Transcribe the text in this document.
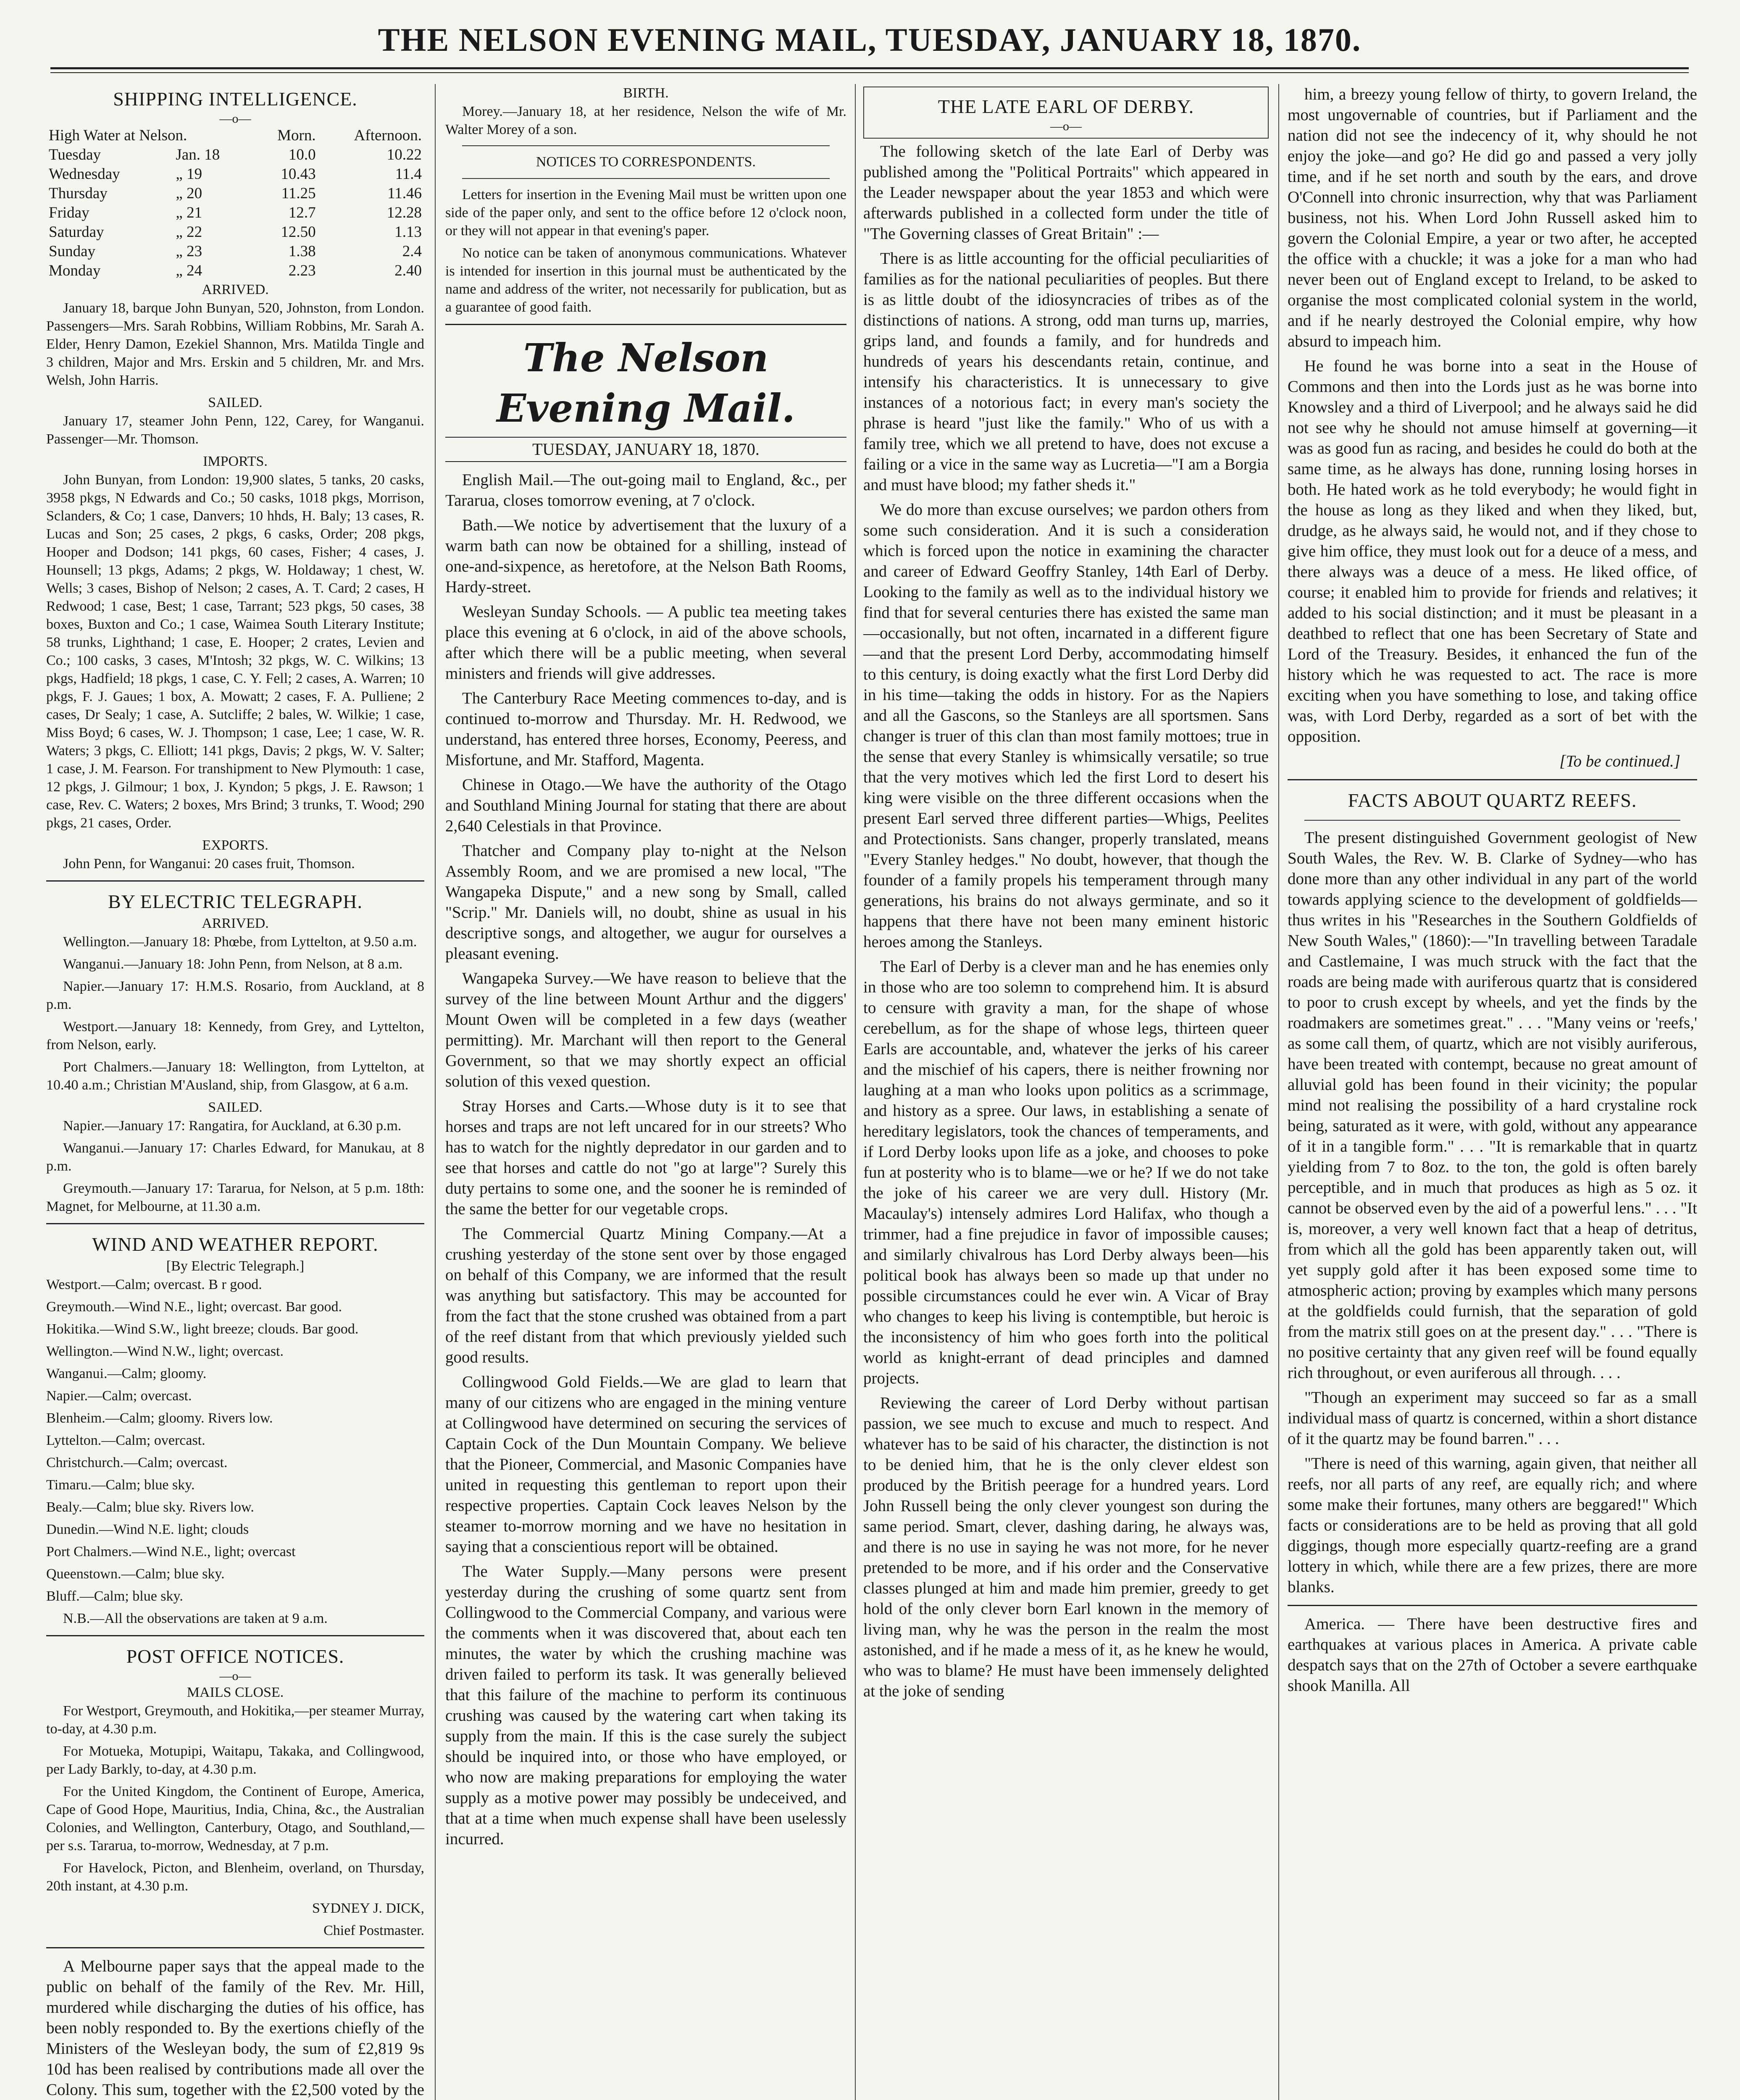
THE NELSON EVENING MAIL, TUESDAY, JANUARY 18, 1870.
SHIPPING INTELLIGENCE.
—o—
High Water at Nelson.		Morn.	Afternoon.
Tuesday	Jan. 18	10.0	10.22
Wednesday	„ 19	10.43	11.4
Thursday	„ 20	11.25	11.46
Friday	„ 21	12.7	12.28
Saturday	„ 22	12.50	1.13
Sunday	„ 23	1.38	2.4
Monday	„ 24	2.23	2.40
ARRIVED.

January 18, barque John Bunyan, 520, Johnston, from London. Passengers—Mrs. Sarah Robbins, William Robbins, Mr. Sarah A. Elder, Henry Damon, Ezekiel Shannon, Mrs. Matilda Tingle and 3 children, Major and Mrs. Erskin and 5 children, Mr. and Mrs. Welsh, John Harris.

SAILED.

January 17, steamer John Penn, 122, Carey, for Wanganui. Passenger—Mr. Thomson.

IMPORTS.

John Bunyan, from London: 19,900 slates, 5 tanks, 20 casks, 3958 pkgs, N Edwards and Co.; 50 casks, 1018 pkgs, Morrison, Sclanders, & Co; 1 case, Danvers; 10 hhds, H. Baly; 13 cases, R. Lucas and Son; 25 cases, 2 pkgs, 6 casks, Order; 208 pkgs, Hooper and Dodson; 141 pkgs, 60 cases, Fisher; 4 cases, J. Hounsell; 13 pkgs, Adams; 2 pkgs, W. Holdaway; 1 chest, W. Wells; 3 cases, Bishop of Nelson; 2 cases, A. T. Card; 2 cases, H Redwood; 1 case, Best; 1 case, Tarrant; 523 pkgs, 50 cases, 38 boxes, Buxton and Co.; 1 case, Waimea South Literary Institute; 58 trunks, Lighthand; 1 case, E. Hooper; 2 crates, Levien and Co.; 100 casks, 3 cases, M'Intosh; 32 pkgs, W. C. Wilkins; 13 pkgs, Hadfield; 18 pkgs, 1 case, C. Y. Fell; 2 cases, A. Warren; 10 pkgs, F. J. Gaues; 1 box, A. Mowatt; 2 cases, F. A. Pulliene; 2 cases, Dr Sealy; 1 case, A. Sutcliffe; 2 bales, W. Wilkie; 1 case, Miss Boyd; 6 cases, W. J. Thompson; 1 case, Lee; 1 case, W. R. Waters; 3 pkgs, C. Elliott; 141 pkgs, Davis; 2 pkgs, W. V. Salter; 1 case, J. M. Fearson. For transhipment to New Plymouth: 1 case, 12 pkgs, J. Gilmour; 1 box, J. Kyndon; 5 pkgs, J. E. Rawson; 1 case, Rev. C. Waters; 2 boxes, Mrs Brind; 3 trunks, T. Wood; 290 pkgs, 21 cases, Order.

EXPORTS.

John Penn, for Wanganui: 20 cases fruit, Thomson.

BY ELECTRIC TELEGRAPH.
ARRIVED.

Wellington.—January 18: Phœbe, from Lyttelton, at 9.50 a.m.

Wanganui.—January 18: John Penn, from Nelson, at 8 a.m.

Napier.—January 17: H.M.S. Rosario, from Auckland, at 8 p.m.

Westport.—January 18: Kennedy, from Grey, and Lyttelton, from Nelson, early.

Port Chalmers.—January 18: Wellington, from Lyttelton, at 10.40 a.m.; Christian M'Ausland, ship, from Glasgow, at 6 a.m.

SAILED.

Napier.—January 17: Rangatira, for Auckland, at 6.30 p.m.

Wanganui.—January 17: Charles Edward, for Manukau, at 8 p.m.

Greymouth.—January 17: Tararua, for Nelson, at 5 p.m. 18th: Magnet, for Melbourne, at 11.30 a.m.

WIND AND WEATHER REPORT.
[By Electric Telegraph.]

Westport.—Calm; overcast. B r good.

Greymouth.—Wind N.E., light; overcast. Bar good.

Hokitika.—Wind S.W., light breeze; clouds. Bar good.

Wellington.—Wind N.W., light; overcast.

Wanganui.—Calm; gloomy.

Napier.—Calm; overcast.

Blenheim.—Calm; gloomy. Rivers low.

Lyttelton.—Calm; overcast.

Christchurch.—Calm; overcast.

Timaru.—Calm; blue sky.

Bealy.—Calm; blue sky. Rivers low.

Dunedin.—Wind N.E. light; clouds

Port Chalmers.—Wind N.E., light; overcast

Queenstown.—Calm; blue sky.

Bluff.—Calm; blue sky.

N.B.—All the observations are taken at 9 a.m.

POST OFFICE NOTICES.
—o—
MAILS CLOSE.

For Westport, Greymouth, and Hokitika,—per steamer Murray, to-day, at 4.30 p.m.

For Motueka, Motupipi, Waitapu, Takaka, and Collingwood, per Lady Barkly, to-day, at 4.30 p.m.

For the United Kingdom, the Continent of Europe, America, Cape of Good Hope, Mauritius, India, China, &c., the Australian Colonies, and Wellington, Canterbury, Otago, and Southland,—per s.s. Tararua, to-morrow, Wednesday, at 7 p.m.

For Havelock, Picton, and Blenheim, overland, on Thursday, 20th instant, at 4.30 p.m.

SYDNEY J. DICK,

Chief Postmaster.

A Melbourne paper says that the appeal made to the public on behalf of the family of the Rev. Mr. Hill, murdered while discharging the duties of his office, has been nobly responded to. By the exertions chiefly of the Ministers of the Wesleyan body, the sum of £2,819 9s 10d has been realised by contributions made all over the Colony. This sum, together with the £2,500 voted by the

BIRTH.

Morey.—January 18, at her residence, Nelson the wife of Mr. Walter Morey of a son.

NOTICES TO CORRESPONDENTS.

Letters for insertion in the Evening Mail must be written upon one side of the paper only, and sent to the office before 12 o'clock noon, or they will not appear in that evening's paper.

No notice can be taken of anonymous communications. Whatever is intended for insertion in this journal must be authenticated by the name and address of the writer, not necessarily for publication, but as a guarantee of good faith.

The Nelson Evening Mail.
TUESDAY, JANUARY 18, 1870.

English Mail.—The out-going mail to England, &c., per Tararua, closes tomorrow evening, at 7 o'clock.

Bath.—We notice by advertisement that the luxury of a warm bath can now be obtained for a shilling, instead of one-and-sixpence, as heretofore, at the Nelson Bath Rooms, Hardy-street.

Wesleyan Sunday Schools. — A public tea meeting takes place this evening at 6 o'clock, in aid of the above schools, after which there will be a public meeting, when several ministers and friends will give addresses.

The Canterbury Race Meeting commences to-day, and is continued to-morrow and Thursday. Mr. H. Redwood, we understand, has entered three horses, Economy, Peeress, and Misfortune, and Mr. Stafford, Magenta.

Chinese in Otago.—We have the authority of the Otago and Southland Mining Journal for stating that there are about 2,640 Celestials in that Province.

Thatcher and Company play to-night at the Nelson Assembly Room, and we are promised a new local, "The Wangapeka Dispute," and a new song by Small, called "Scrip." Mr. Daniels will, no doubt, shine as usual in his descriptive songs, and altogether, we augur for ourselves a pleasant evening.

Wangapeka Survey.—We have reason to believe that the survey of the line between Mount Arthur and the diggers' Mount Owen will be completed in a few days (weather permitting). Mr. Marchant will then report to the General Government, so that we may shortly expect an official solution of this vexed question.

Stray Horses and Carts.—Whose duty is it to see that horses and traps are not left uncared for in our streets? Who has to watch for the nightly depredator in our garden and to see that horses and cattle do not "go at large"? Surely this duty pertains to some one, and the sooner he is reminded of the same the better for our vegetable crops.

The Commercial Quartz Mining Company.—At a crushing yesterday of the stone sent over by those engaged on behalf of this Company, we are informed that the result was anything but satisfactory. This may be accounted for from the fact that the stone crushed was obtained from a part of the reef distant from that which previously yielded such good results.

Collingwood Gold Fields.—We are glad to learn that many of our citizens who are engaged in the mining venture at Collingwood have determined on securing the services of Captain Cock of the Dun Mountain Company. We believe that the Pioneer, Commercial, and Masonic Companies have united in requesting this gentleman to report upon their respective properties. Captain Cock leaves Nelson by the steamer to-morrow morning and we have no hesitation in saying that a conscientious report will be obtained.

The Water Supply.—Many persons were present yesterday during the crushing of some quartz sent from Collingwood to the Commercial Company, and various were the comments when it was discovered that, about each ten minutes, the water by which the crushing machine was driven failed to perform its task. It was generally believed that this failure of the machine to perform its continuous crushing was caused by the watering cart when taking its supply from the main. If this is the case surely the subject should be inquired into, or those who have employed, or who now are making preparations for employing the water supply as a motive power may possibly be undeceived, and that at a time when much expense shall have been uselessly incurred.

THE LATE EARL OF DERBY.
—o—

The following sketch of the late Earl of Derby was published among the "Political Portraits" which appeared in the Leader newspaper about the year 1853 and which were afterwards published in a collected form under the title of "The Governing classes of Great Britain" :—

There is as little accounting for the official peculiarities of families as for the national peculiarities of peoples. But there is as little doubt of the idiosyncracies of tribes as of the distinctions of nations. A strong, odd man turns up, marries, grips land, and founds a family, and for hundreds and hundreds of years his descendants retain, continue, and intensify his characteristics. It is unnecessary to give instances of a notorious fact; in every man's society the phrase is heard "just like the family." Who of us with a family tree, which we all pretend to have, does not excuse a failing or a vice in the same way as Lucretia—"I am a Borgia and must have blood; my father sheds it."

We do more than excuse ourselves; we pardon others from some such consideration. And it is such a consideration which is forced upon the notice in examining the character and career of Edward Geoffry Stanley, 14th Earl of Derby. Looking to the family as well as to the individual history we find that for several centuries there has existed the same man—occasionally, but not often, incarnated in a different figure—and that the present Lord Derby, accommodating himself to this century, is doing exactly what the first Lord Derby did in his time—taking the odds in history. For as the Napiers and all the Gascons, so the Stanleys are all sportsmen. Sans changer is truer of this clan than most family mottoes; true in the sense that every Stanley is whimsically versatile; so true that the very motives which led the first Lord to desert his king were visible on the three different occasions when the present Earl served three different parties—Whigs, Peelites and Protectionists. Sans changer, properly translated, means "Every Stanley hedges." No doubt, however, that though the founder of a family propels his temperament through many generations, his brains do not always germinate, and so it happens that there have not been many eminent historic heroes among the Stanleys.

The Earl of Derby is a clever man and he has enemies only in those who are too solemn to comprehend him. It is absurd to censure with gravity a man, for the shape of whose cerebellum, as for the shape of whose legs, thirteen queer Earls are accountable, and, whatever the jerks of his career and the mischief of his capers, there is neither frowning nor laughing at a man who looks upon politics as a scrimmage, and history as a spree. Our laws, in establishing a senate of hereditary legislators, took the chances of temperaments, and if Lord Derby looks upon life as a joke, and chooses to poke fun at posterity who is to blame—we or he? If we do not take the joke of his career we are very dull. History (Mr. Macaulay's) intensely admires Lord Halifax, who though a trimmer, had a fine prejudice in favor of impossible causes; and similarly chivalrous has Lord Derby always been—his political book has always been so made up that under no possible circumstances could he ever win. A Vicar of Bray who changes to keep his living is contemptible, but heroic is the inconsistency of him who goes forth into the political world as knight-errant of dead principles and damned projects.

Reviewing the career of Lord Derby without partisan passion, we see much to excuse and much to respect. And whatever has to be said of his character, the distinction is not to be denied him, that he is the only clever eldest son produced by the British peerage for a hundred years. Lord John Russell being the only clever youngest son during the same period. Smart, clever, dashing daring, he always was, and there is no use in saying he was not more, for he never pretended to be more, and if his order and the Conservative classes plunged at him and made him premier, greedy to get hold of the only clever born Earl known in the memory of living man, why he was the person in the realm the most astonished, and if he made a mess of it, as he knew he would, who was to blame? He must have been immensely delighted at the joke of sending

him, a breezy young fellow of thirty, to govern Ireland, the most ungovernable of countries, but if Parliament and the nation did not see the indecency of it, why should he not enjoy the joke—and go? He did go and passed a very jolly time, and if he set north and south by the ears, and drove O'Connell into chronic insurrection, why that was Parliament business, not his. When Lord John Russell asked him to govern the Colonial Empire, a year or two after, he accepted the office with a chuckle; it was a joke for a man who had never been out of England except to Ireland, to be asked to organise the most complicated colonial system in the world, and if he nearly destroyed the Colonial empire, why how absurd to impeach him.

He found he was borne into a seat in the House of Commons and then into the Lords just as he was borne into Knowsley and a third of Liverpool; and he always said he did not see why he should not amuse himself at governing—it was as good fun as racing, and besides he could do both at the same time, as he always has done, running losing horses in both. He hated work as he told everybody; he would fight in the house as long as they liked and when they liked, but, drudge, as he always said, he would not, and if they chose to give him office, they must look out for a deuce of a mess, and there always was a deuce of a mess. He liked office, of course; it enabled him to provide for friends and relatives; it added to his social distinction; and it must be pleasant in a deathbed to reflect that one has been Secretary of State and Lord of the Treasury. Besides, it enhanced the fun of the history which he was requested to act. The race is more exciting when you have something to lose, and taking office was, with Lord Derby, regarded as a sort of bet with the opposition.

[To be continued.]

FACTS ABOUT QUARTZ REEFS.

The present distinguished Government geologist of New South Wales, the Rev. W. B. Clarke of Sydney—who has done more than any other individual in any part of the world towards applying science to the development of goldfields—thus writes in his "Researches in the Southern Goldfields of New South Wales," (1860):—"In travelling between Taradale and Castlemaine, I was much struck with the fact that the roads are being made with auriferous quartz that is considered to poor to crush except by wheels, and yet the finds by the roadmakers are sometimes great." . . . "Many veins or 'reefs,' as some call them, of quartz, which are not visibly auriferous, have been treated with contempt, because no great amount of alluvial gold has been found in their vicinity; the popular mind not realising the possibility of a hard crystaline rock being, saturated as it were, with gold, without any appearance of it in a tangible form." . . . "It is remarkable that in quartz yielding from 7 to 8oz. to the ton, the gold is often barely perceptible, and in much that produces as high as 5 oz. it cannot be observed even by the aid of a powerful lens." . . . "It is, moreover, a very well known fact that a heap of detritus, from which all the gold has been apparently taken out, will yet supply gold after it has been exposed some time to atmospheric action; proving by examples which many persons at the goldfields could furnish, that the separation of gold from the matrix still goes on at the present day." . . . "There is no positive certainty that any given reef will be found equally rich throughout, or even auriferous all through. . . .

"Though an experiment may succeed so far as a small individual mass of quartz is concerned, within a short distance of it the quartz may be found barren." . . .

"There is need of this warning, again given, that neither all reefs, nor all parts of any reef, are equally rich; and where some make their fortunes, many others are beggared!" Which facts or considerations are to be held as proving that all gold diggings, though more especially quartz-reefing are a grand lottery in which, while there are a few prizes, there are more blanks.

America. — There have been destructive fires and earthquakes at various places in America. A private cable despatch says that on the 27th of October a severe earthquake shook Manilla. All
